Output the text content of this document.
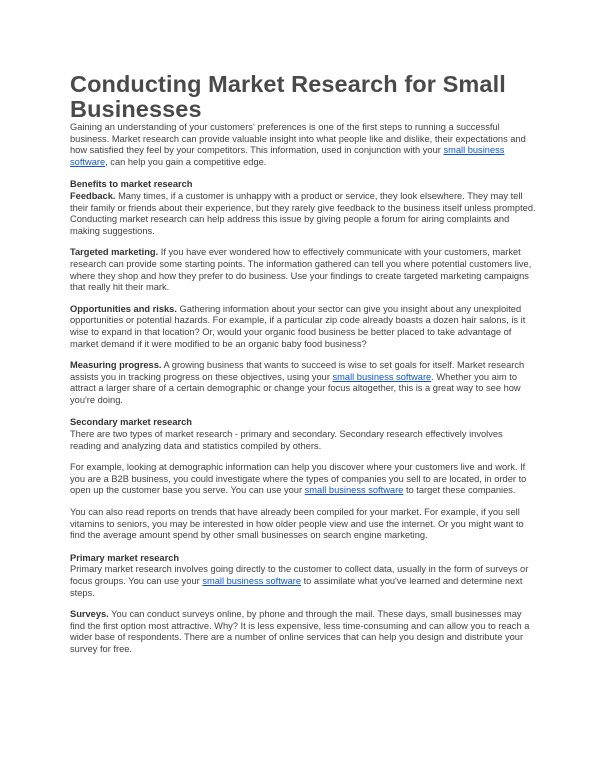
Conducting Market Research for Small Businesses

Gaining an understanding of your customers' preferences is one of the first steps to running a successful business. Market research can provide valuable insight into what people like and dislike, their expectations and how satisfied they feel by your competitors. This information, used in conjunction with your small business software, can help you gain a competitive edge.

Benefits to market research

Feedback. Many times, if a customer is unhappy with a product or service, they look elsewhere. They may tell their family or friends about their experience, but they rarely give feedback to the business itself unless prompted. Conducting market research can help address this issue by giving people a forum for airing complaints and making suggestions.

Targeted marketing. If you have ever wondered how to effectively communicate with your customers, market research can provide some starting points. The information gathered can tell you where potential customers live, where they shop and how they prefer to do business. Use your findings to create targeted marketing campaigns that really hit their mark.

Opportunities and risks. Gathering information about your sector can give you insight about any unexploited opportunities or potential hazards. For example, if a particular zip code already boasts a dozen hair salons, is it wise to expand in that location? Or, would your organic food business be better placed to take advantage of market demand if it were modified to be an organic baby food business?

Measuring progress. A growing business that wants to succeed is wise to set goals for itself. Market research assists you in tracking progress on these objectives, using your small business software. Whether you aim to attract a larger share of a certain demographic or change your focus altogether, this is a great way to see how you're doing.

Secondary market research

There are two types of market research - primary and secondary. Secondary research effectively involves reading and analyzing data and statistics compiled by others.

For example, looking at demographic information can help you discover where your customers live and work. If you are a B2B business, you could investigate where the types of companies you sell to are located, in order to open up the customer base you serve. You can use your small business software to target these companies.

You can also read reports on trends that have already been compiled for your market. For example, if you sell vitamins to seniors, you may be interested in how older people view and use the internet. Or you might want to find the average amount spend by other small businesses on search engine marketing.

Primary market research

Primary market research involves going directly to the customer to collect data, usually in the form of surveys or focus groups. You can use your small business software to assimilate what you've learned and determine next steps.

Surveys. You can conduct surveys online, by phone and through the mail. These days, small businesses may find the first option most attractive. Why? It is less expensive, less time-consuming and can allow you to reach a wider base of respondents. There are a number of online services that can help you design and distribute your survey for free.
